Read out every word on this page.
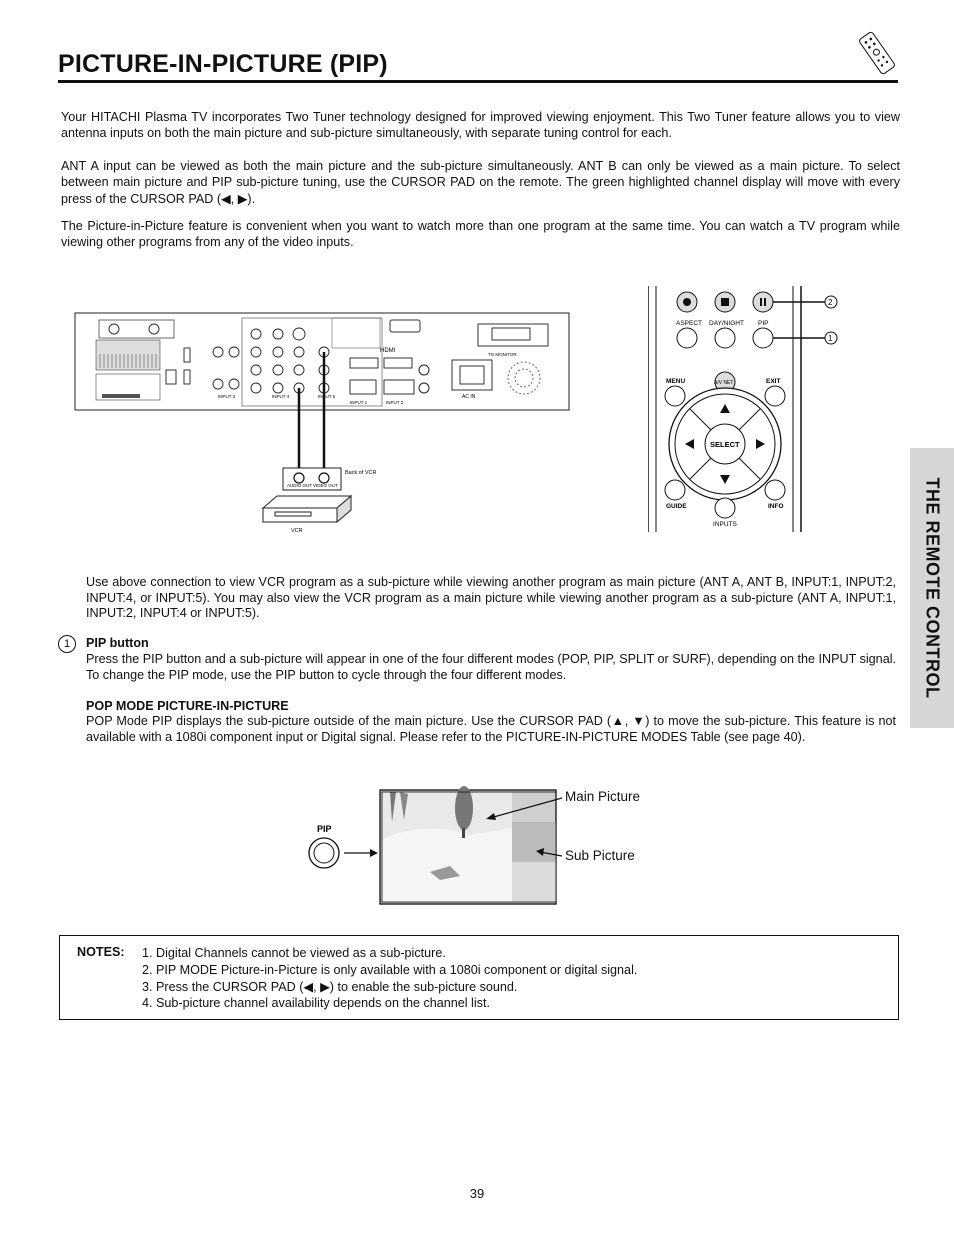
PICTURE-IN-PICTURE (PIP)
Your HITACHI Plasma TV incorporates Two Tuner technology designed for improved viewing enjoyment. This Two Tuner feature allows you to view antenna inputs on both the main picture and sub-picture simultaneously, with separate tuning control for each.
ANT A input can be viewed as both the main picture and the sub-picture simultaneously. ANT B can only be viewed as a main picture. To select between main picture and PIP sub-picture tuning, use the CURSOR PAD on the remote. The green highlighted channel display will move with every press of the CURSOR PAD (◀, ▶).
The Picture-in-Picture feature is convenient when you want to watch more than one program at the same time. You can watch a TV program while viewing other programs from any of the video inputs.
THE REMOTE CONTROL
HDMI
TO MONITOR
AC IN
INPUT 3	INPUT 4	INPUT 5
INPUT 1	INPUT 2
AUDIO OUT VIDEO OUT
Back of VCR
VCR
ASPECT DAY/NIGHT PIP
2
1
MENU	EXIT
A/V NET
SELECT
GUIDE	INFO
INPUTS
Use above connection to view VCR program as a sub-picture while viewing another program as main picture (ANT A, ANT B, INPUT:1, INPUT:2, INPUT:4, or INPUT:5). You may also view the VCR program as a main picture while viewing another program as a sub-picture (ANT A, INPUT:1, INPUT:2, INPUT:4 or INPUT:5).
1	PIP button
Press the PIP button and a sub-picture will appear in one of the four different modes (POP, PIP, SPLIT or SURF), depending on the INPUT signal. To change the PIP mode, use the PIP button to cycle through the four different modes.
POP MODE PICTURE-IN-PICTURE
POP Mode PIP displays the sub-picture outside of the main picture. Use the CURSOR PAD (▲, ▼) to move the sub-picture. This feature is not available with a 1080i component input or Digital signal. Please refer to the PICTURE-IN-PICTURE MODES Table (see page 40).
PIP
Main Picture
Sub Picture
NOTES: 1. Digital Channels cannot be viewed as a sub-picture.
2. PIP MODE Picture-in-Picture is only available with a 1080i component or digital signal.
3. Press the CURSOR PAD (◀, ▶) to enable the sub-picture sound.
4. Sub-picture channel availability depends on the channel list.
39
